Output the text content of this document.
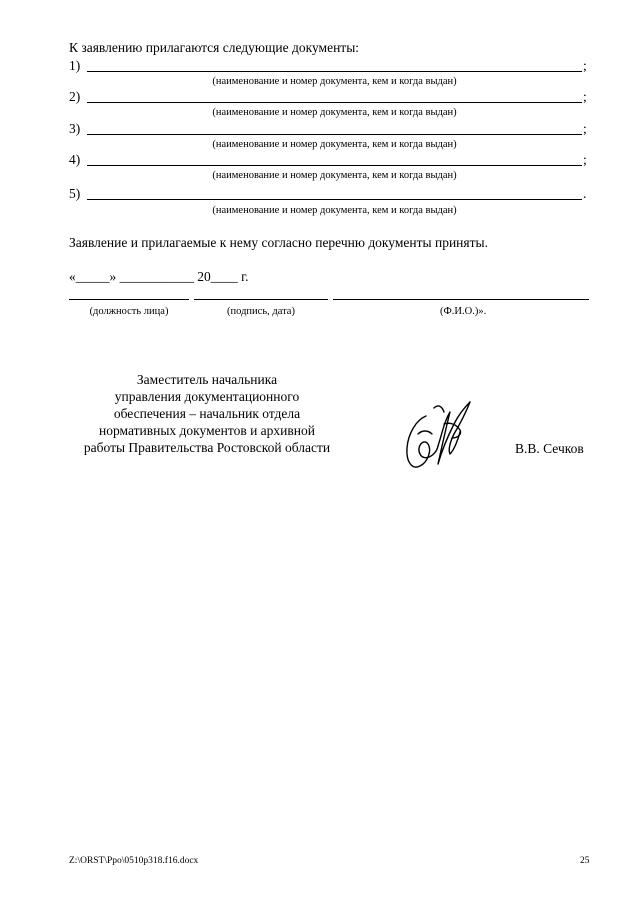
К заявлению прилагаются следующие документы:
1)	;
(наименование и номер документа, кем и когда выдан)
2)	;
(наименование и номер документа, кем и когда выдан)
3)	;
(наименование и номер документа, кем и когда выдан)
4)	;
(наименование и номер документа, кем и когда выдан)
5)	.
(наименование и номер документа, кем и когда выдан)
Заявление и прилагаемые к нему согласно перечню документы приняты.
«_____» ___________ 20____ г.
(должность лица)	(подпись, дата)	(Ф.И.О.)».
Заместитель начальника
управления документационного
обеспечения – начальник отдела
нормативных документов и архивной
работы Правительства Ростовской области	В.В. Сечков
Z:\ORST\Ppo\0510p318.f16.docx	25
